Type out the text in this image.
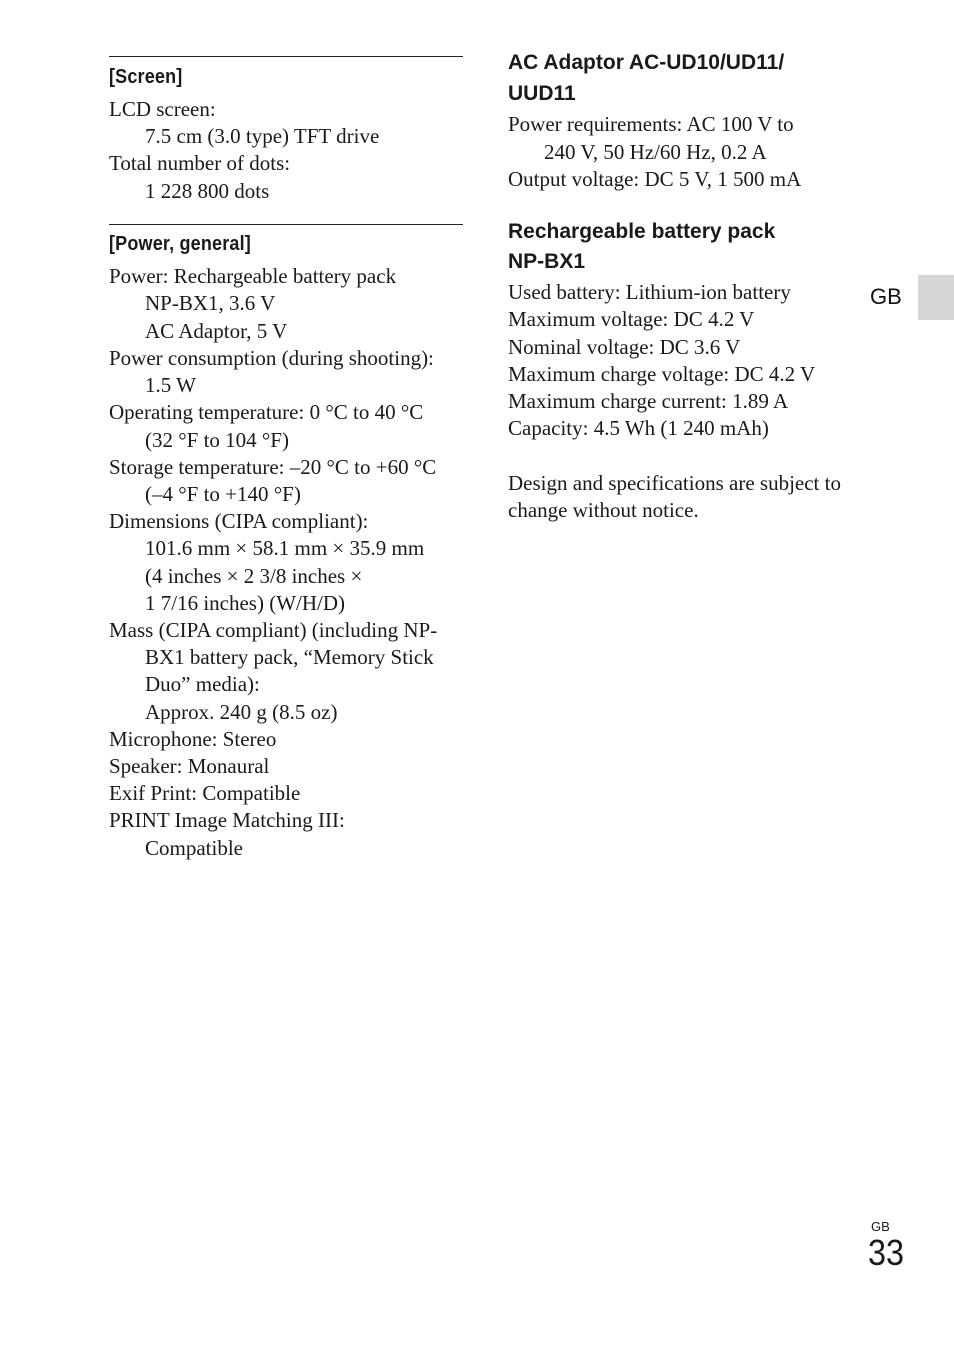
[Screen]
LCD screen:
7.5 cm (3.0 type) TFT drive
Total number of dots:
1 228 800 dots
[Power, general]
Power: Rechargeable battery pack
NP-BX1, 3.6 V
AC Adaptor, 5 V
Power consumption (during shooting):
1.5 W
Operating temperature: 0 °C to 40 °C
(32 °F to 104 °F)
Storage temperature: –20 °C to +60 °C
(–4 °F to +140 °F)
Dimensions (CIPA compliant):
101.6 mm × 58.1 mm × 35.9 mm
(4 inches × 2 3/8 inches ×
1 7/16 inches) (W/H/D)
Mass (CIPA compliant) (including NP-
BX1 battery pack, “Memory Stick
Duo” media):
Approx. 240 g (8.5 oz)
Microphone: Stereo
Speaker: Monaural
Exif Print: Compatible
PRINT Image Matching III:
Compatible
AC Adaptor AC-UD10/UD11/
UUD11
Power requirements: AC 100 V to
240 V, 50 Hz/60 Hz, 0.2 A
Output voltage: DC 5 V, 1 500 mA
Rechargeable battery pack
NP-BX1
Used battery: Lithium-ion battery
Maximum voltage: DC 4.2 V
Nominal voltage: DC 3.6 V
Maximum charge voltage: DC 4.2 V
Maximum charge current: 1.89 A
Capacity: 4.5 Wh (1 240 mAh)
Design and specifications are subject to
change without notice.
GB
GB
33
